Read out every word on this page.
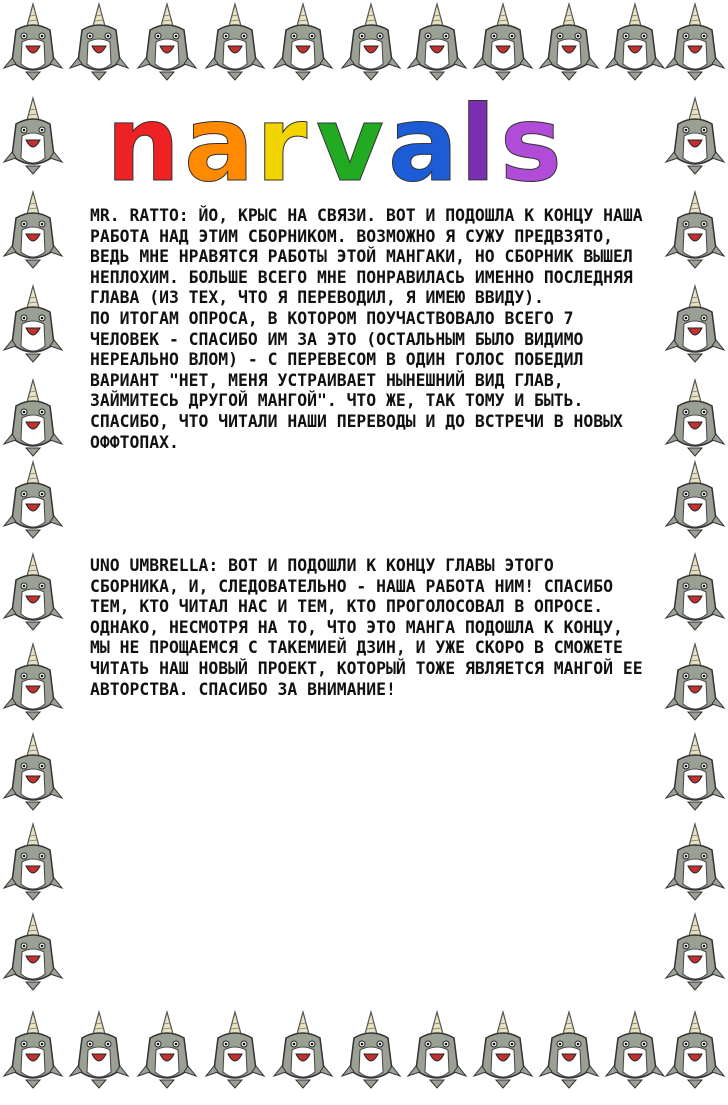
n a r v a l s

MR. RATTO: ЙО, КРЫС НА СВЯЗИ. ВОТ И ПОДОШЛА К КОНЦУ НАША РАБОТА НАД ЭТИМ СБОРНИКОМ. ВОЗМОЖНО Я СУЖУ ПРЕДВЗЯТО, ВЕДЬ МНЕ НРАВЯТСЯ РАБОТЫ ЭТОЙ МАНГАКИ, НО СБОРНИК ВЫШЕЛ НЕПЛОХИМ. БОЛЬШЕ ВСЕГО МНЕ ПОНРАВИЛАСЬ ИМЕННО ПОСЛЕДНЯЯ ГЛАВА (ИЗ ТЕХ, ЧТО Я ПЕРЕВОДИЛ, Я ИМЕЮ ВВИДУ).

ПО ИТОГАМ ОПРОСА, В КОТОРОМ ПОУЧАСТВОВАЛО ВСЕГО 7 ЧЕЛОВЕК - СПАСИБО ИМ ЗА ЭТО (ОСТАЛЬНЫМ БЫЛО ВИДИМО НЕРЕАЛЬНО ВЛОМ) - С ПЕРЕВЕСОМ В ОДИН ГОЛОС ПОБЕДИЛ ВАРИАНТ "НЕТ, МЕНЯ УСТРАИВАЕТ НЫНЕШНИЙ ВИД ГЛАВ, ЗАЙМИТЕСЬ ДРУГОЙ МАНГОЙ". ЧТО ЖЕ, ТАК ТОМУ И БЫТЬ. СПАСИБО, ЧТО ЧИТАЛИ НАШИ ПЕРЕВОДЫ И ДО ВСТРЕЧИ В НОВЫХ ОФФТОПАХ.

UNO UMBRELLA: ВОТ И ПОДОШЛИ К КОНЦУ ГЛАВЫ ЭТОГО СБОРНИКА, И, СЛЕДОВАТЕЛЬНО - НАША РАБОТА НИМ! СПАСИБО ТЕМ, КТО ЧИТАЛ НАС И ТЕМ, КТО ПРОГОЛОСОВАЛ В ОПРОСЕ. ОДНАКО, НЕСМОТРЯ НА ТО, ЧТО ЭТО МАНГА ПОДОШЛА К КОНЦУ, МЫ НЕ ПРОЩАЕМСЯ С ТАКЕМИЕЙ ДЗИН, И УЖЕ СКОРО В СМОЖЕТЕ ЧИТАТЬ НАШ НОВЫЙ ПРОЕКТ, КОТОРЫЙ ТОЖЕ ЯВЛЯЕТСЯ МАНГОЙ ЕЕ АВТОРСТВА. СПАСИБО ЗА ВНИМАНИЕ!
